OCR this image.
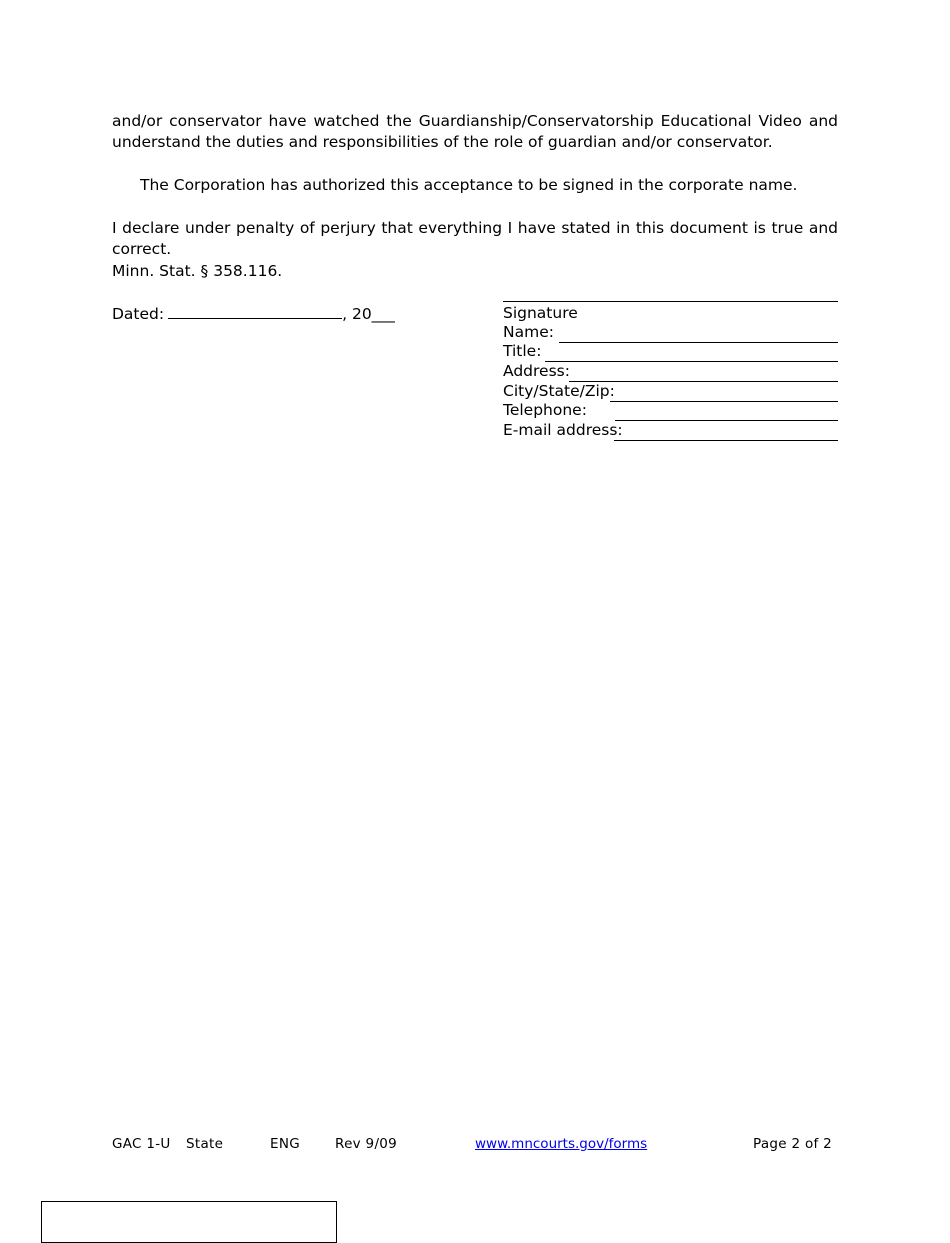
and/or conservator have watched the Guardianship/Conservatorship Educational Video and understand the duties and responsibilities of the role of guardian and/or conservator.

The Corporation has authorized this acceptance to be signed in the corporate name.

I declare under penalty of perjury that everything I have stated in this document is true and correct.

Minn. Stat. § 358.116.

Dated:	, 20___	Signature
Name:
Title:
Address:
City/State/Zip:
Telephone:
E-mail address:
GAC 1-U State	ENG	Rev 9/09	www.mncourts.gov/forms	Page 2 of 2
